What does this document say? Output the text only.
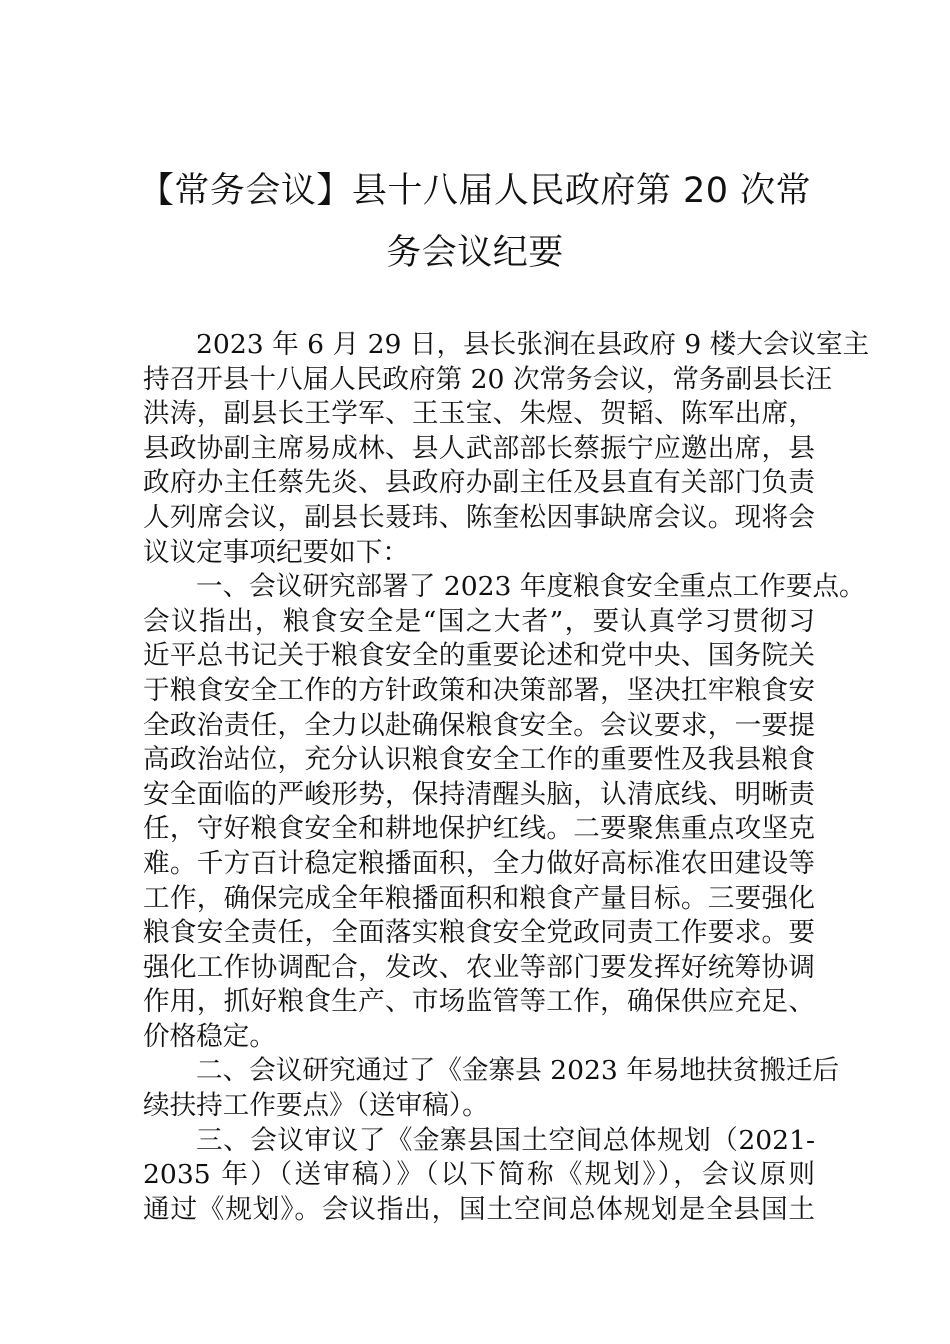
【常务会议】县十八届人民政府第 20 次常
务会议纪要
2023 年 6 月 29 日，县长张涧在县政府 9 楼大会议室主
持召开县十八届人民政府第 20 次常务会议，常务副县长汪
洪涛，副县长王学军、王玉宝、朱煜、贺韬、陈军出席，
县政协副主席易成林、县人武部部长蔡振宁应邀出席，县
政府办主任蔡先炎、县政府办副主任及县直有关部门负责
人列席会议，副县长聂玮、陈奎松因事缺席会议。现将会
议议定事项纪要如下：
一、会议研究部署了 2023 年度粮食安全重点工作要点。
会议指出，粮食安全是“国之大者”，要认真学习贯彻习
近平总书记关于粮食安全的重要论述和党中央、国务院关
于粮食安全工作的方针政策和决策部署，坚决扛牢粮食安
全政治责任，全力以赴确保粮食安全。会议要求，一要提
高政治站位，充分认识粮食安全工作的重要性及我县粮食
安全面临的严峻形势，保持清醒头脑，认清底线、明晰责
任，守好粮食安全和耕地保护红线。二要聚焦重点攻坚克
难。千方百计稳定粮播面积，全力做好高标准农田建设等
工作，确保完成全年粮播面积和粮食产量目标。三要强化
粮食安全责任，全面落实粮食安全党政同责工作要求。要
强化工作协调配合，发改、农业等部门要发挥好统筹协调
作用，抓好粮食生产、市场监管等工作，确保供应充足、
价格稳定。
二、会议研究通过了《金寨县 2023 年易地扶贫搬迁后
续扶持工作要点》（送审稿）。
三、会议审议了《金寨县国土空间总体规划（2021-
2035 年）（送审稿）》（以下简称《规划》），会议原则
通过《规划》。会议指出，国土空间总体规划是全县国土
